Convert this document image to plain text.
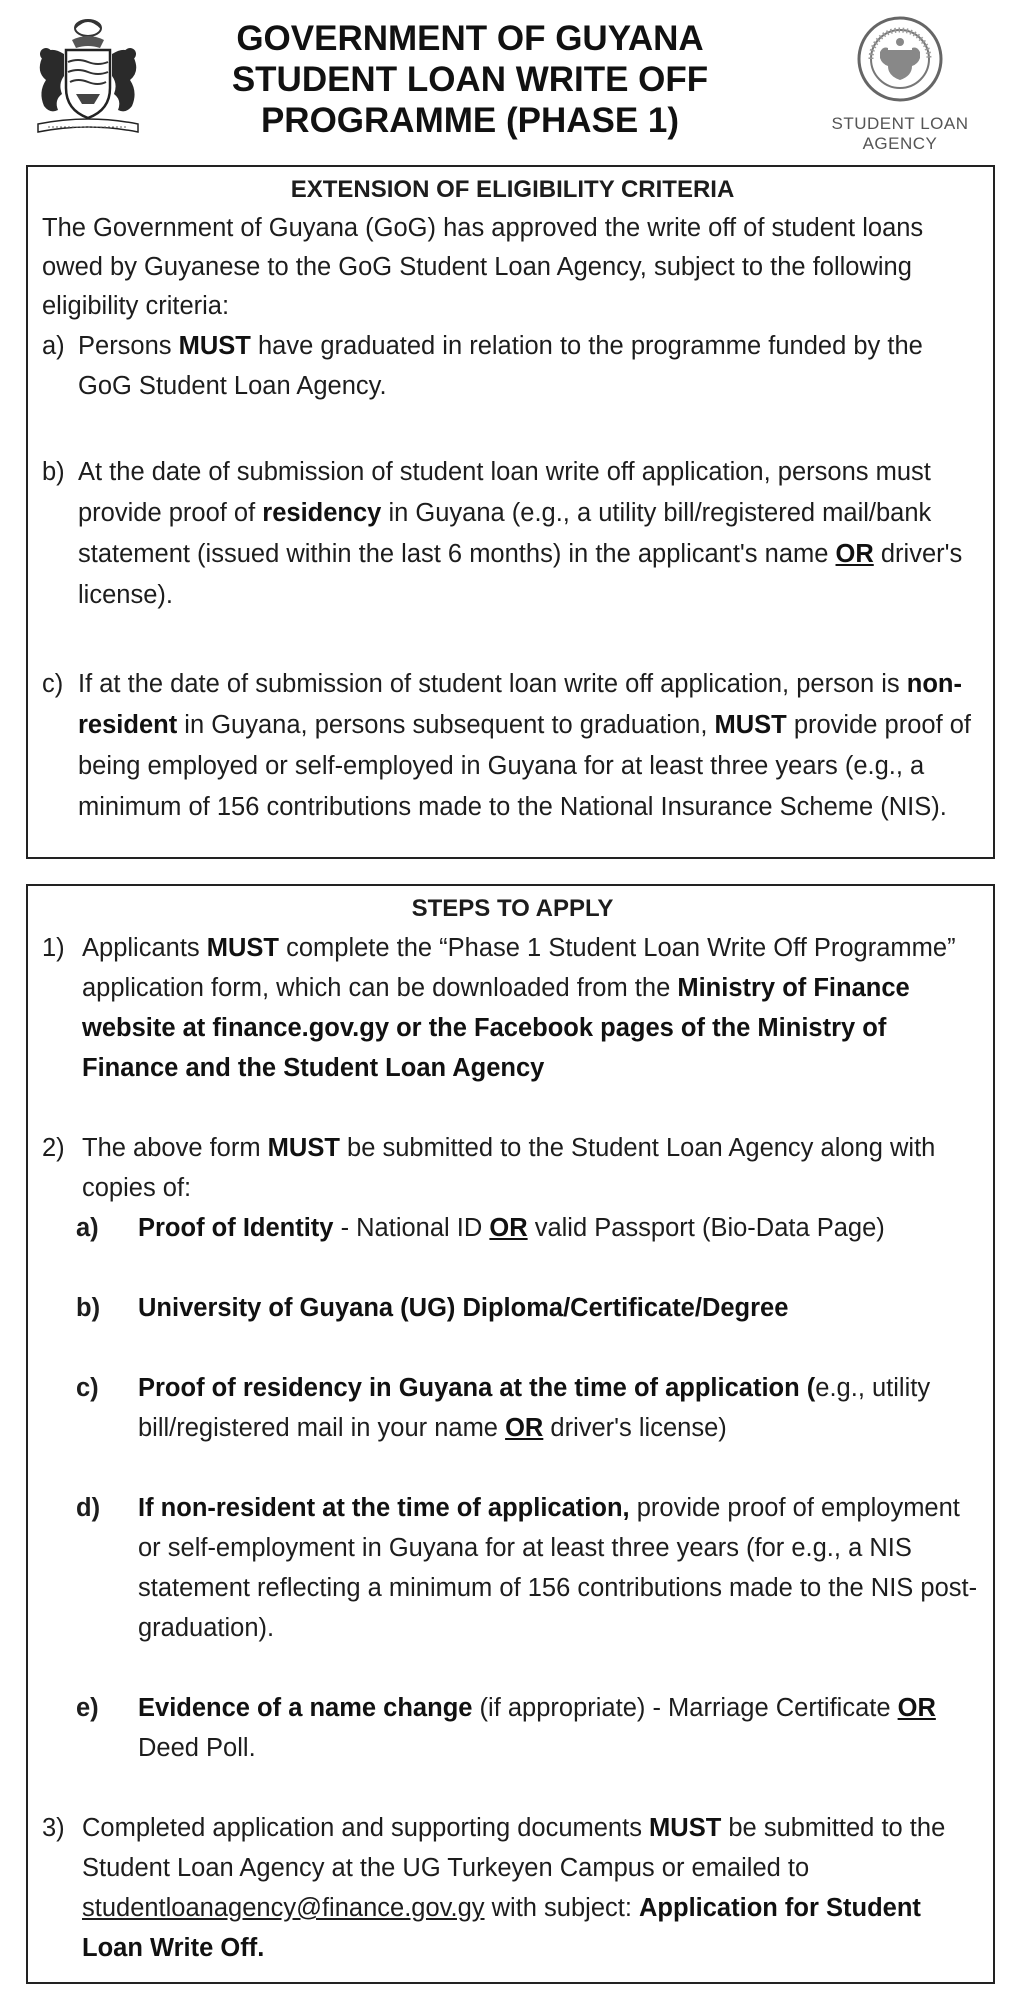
GOVERNMENT OF GUYANA
STUDENT LOAN WRITE OFF
PROGRAMME (PHASE 1)	STUDENT LOAN
AGENCY
EXTENSION OF ELIGIBILITY CRITERIA

The Government of Guyana (GoG) has approved the write off of student loans owed by Guyanese to the GoG Student Loan Agency, subject to the following eligibility criteria:

a) Persons MUST have graduated in relation to the programme funded by the GoG Student Loan Agency.
b) At the date of submission of student loan write off application, persons must provide proof of residency in Guyana (e.g., a utility bill/registered mail/bank statement (issued within the last 6 months) in the applicant's name OR driver's license).
c) If at the date of submission of student loan write off application, person is non-resident in Guyana, persons subsequent to graduation, MUST provide proof of being employed or self-employed in Guyana for at least three years (e.g., a minimum of 156 contributions made to the National Insurance Scheme (NIS).
STEPS TO APPLY
1) Applicants MUST complete the “Phase 1 Student Loan Write Off Programme” application form, which can be downloaded from the Ministry of Finance website at finance.gov.gy or the Facebook pages of the Ministry of Finance and the Student Loan Agency
2) The above form MUST be submitted to the Student Loan Agency along with copies of:
a) Proof of Identity - National ID OR valid Passport (Bio-Data Page)
b) University of Guyana (UG) Diploma/Certificate/Degree
c) Proof of residency in Guyana at the time of application (e.g., utility bill/registered mail in your name OR driver's license)
d) If non-resident at the time of application, provide proof of employment or self-employment in Guyana for at least three years (for e.g., a NIS statement reflecting a minimum of 156 contributions made to the NIS post-graduation).
e) Evidence of a name change (if appropriate) - Marriage Certificate OR Deed Poll.
3) Completed application and supporting documents MUST be submitted to the Student Loan Agency at the UG Turkeyen Campus or emailed to studentloanagency@finance.gov.gy with subject: Application for Student Loan Write Off.
